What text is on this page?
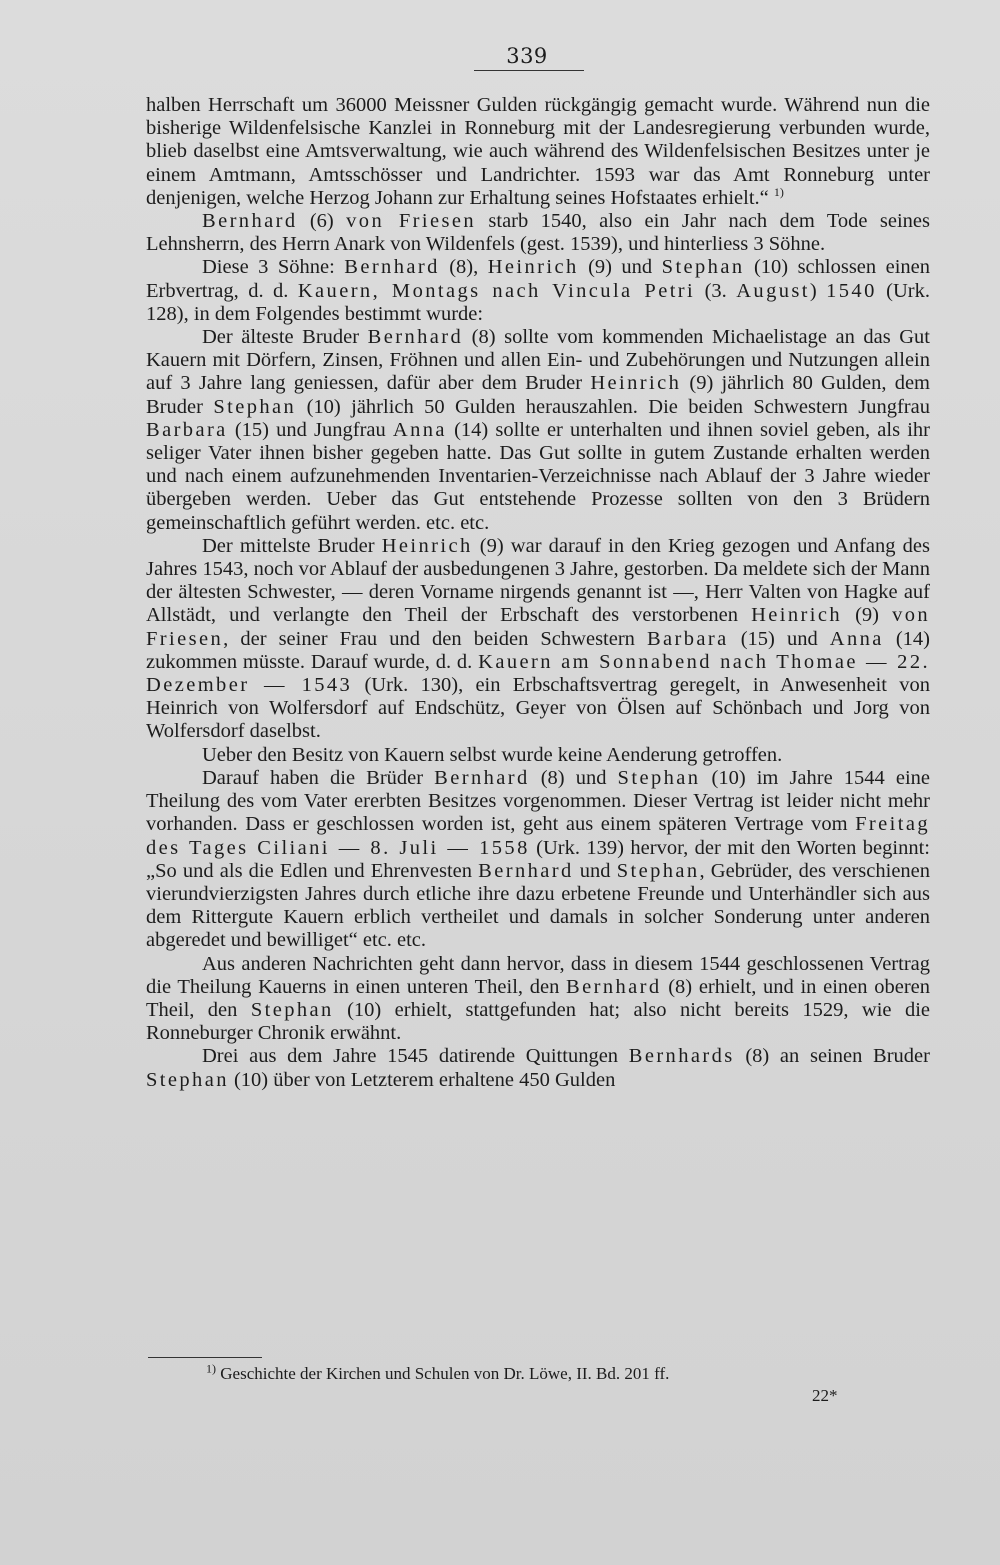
339

halben Herrschaft um 36000 Meissner Gulden rückgängig gemacht wurde. Während nun die bisherige Wildenfelsische Kanzlei in Ronneburg mit der Landesregierung verbunden wurde, blieb daselbst eine Amtsverwaltung, wie auch während des Wildenfelsischen Besitzes unter je einem Amtmann, Amtsschösser und Landrichter. 1593 war das Amt Ronneburg unter denjenigen, welche Herzog Johann zur Erhaltung seines Hofstaates erhielt.“ $^{1)}$

Bernhard (6) von Friesen starb 1540, also ein Jahr nach dem Tode seines Lehnsherrn, des Herrn Anark von Wildenfels (gest. 1539), und hinterliess 3 Söhne.

Diese 3 Söhne: Bernhard (8), Heinrich (9) und Stephan (10) schlossen einen Erbvertrag, d. d. Kauern, Montags nach Vincula Petri (3. August) 1540 (Urk. 128), in dem Folgendes bestimmt wurde:

Der älteste Bruder Bernhard (8) sollte vom kommenden Michaelistage an das Gut Kauern mit Dörfern, Zinsen, Fröhnen und allen Ein- und Zubehörungen und Nutzungen allein auf 3 Jahre lang geniessen, dafür aber dem Bruder Heinrich (9) jährlich 80 Gulden, dem Bruder Stephan (10) jährlich 50 Gulden herauszahlen. Die beiden Schwestern Jungfrau Barbara (15) und Jungfrau Anna (14) sollte er unterhalten und ihnen soviel geben, als ihr seliger Vater ihnen bisher gegeben hatte. Das Gut sollte in gutem Zustande erhalten werden und nach einem aufzunehmenden Inventarien-Verzeichnisse nach Ablauf der 3 Jahre wieder übergeben werden. Ueber das Gut entstehende Prozesse sollten von den 3 Brüdern gemeinschaftlich geführt werden. etc. etc.

Der mittelste Bruder Heinrich (9) war darauf in den Krieg gezogen und Anfang des Jahres 1543, noch vor Ablauf der ausbedungenen 3 Jahre, gestorben. Da meldete sich der Mann der ältesten Schwester, — deren Vorname nirgends genannt ist —, Herr Valten von Hagke auf Allstädt, und verlangte den Theil der Erbschaft des verstorbenen Heinrich (9) von Friesen, der seiner Frau und den beiden Schwestern Barbara (15) und Anna (14) zukommen müsste. Darauf wurde, d. d. Kauern am Sonnabend nach Thomae — 22. Dezember — 1543 (Urk. 130), ein Erbschaftsvertrag geregelt, in Anwesenheit von Heinrich von Wolfersdorf auf Endschütz, Geyer von Ölsen auf Schönbach und Jorg von Wolfersdorf daselbst.

Ueber den Besitz von Kauern selbst wurde keine Aenderung getroffen.

Darauf haben die Brüder Bernhard (8) und Stephan (10) im Jahre 1544 eine Theilung des vom Vater ererbten Besitzes vorgenommen. Dieser Vertrag ist leider nicht mehr vorhanden. Dass er geschlossen worden ist, geht aus einem späteren Vertrage vom Freitag des Tages Ciliani — 8. Juli — 1558 (Urk. 139) hervor, der mit den Worten beginnt: „So und als die Edlen und Ehrenvesten Bernhard und Stephan, Gebrüder, des verschienen vierundvierzigsten Jahres durch etliche ihre dazu erbetene Freunde und Unterhändler sich aus dem Rittergute Kauern erblich vertheilet und damals in solcher Sonderung unter anderen abgeredet und bewilliget“ etc. etc.

Aus anderen Nachrichten geht dann hervor, dass in diesem 1544 geschlossenen Vertrag die Theilung Kauerns in einen unteren Theil, den Bernhard (8) erhielt, und in einen oberen Theil, den Stephan (10) erhielt, stattgefunden hat; also nicht bereits 1529, wie die Ronneburger Chronik erwähnt.

Drei aus dem Jahre 1545 datirende Quittungen Bernhards (8) an seinen Bruder Stephan (10) über von Letzterem erhaltene 450 Gulden

$^{1)}$ Geschichte der Kirchen und Schulen von Dr. Löwe, II. Bd. 201 ff.
22*
